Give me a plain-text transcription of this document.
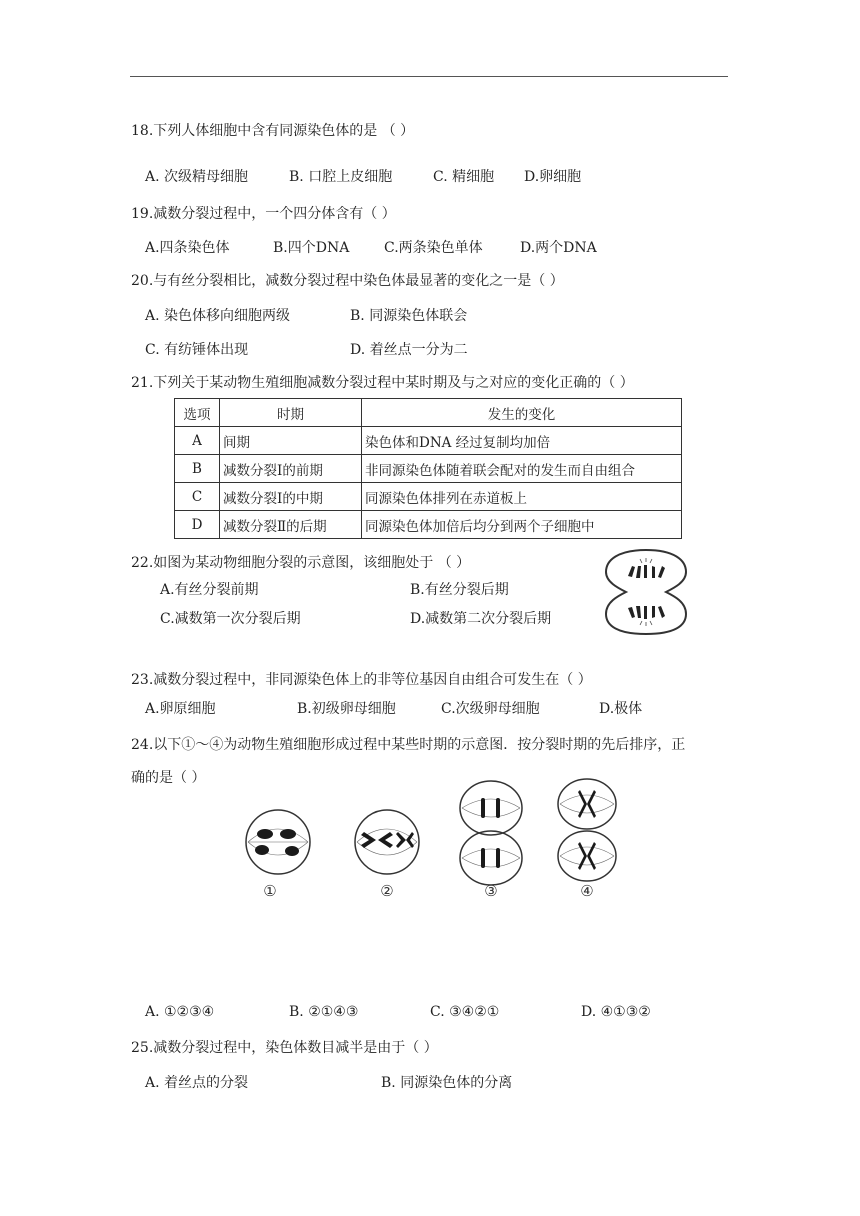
18.下列人体细胞中含有同源染色体的是 （ ）
A. 次级精母细胞	B. 口腔上皮细胞	C. 精细胞 D.卵细胞
19.减数分裂过程中，一个四分体含有（ ）
A.四条染色体	B.四个DNA C.两条染色单体	D.两个DNA
20.与有丝分裂相比，减数分裂过程中染色体最显著的变化之一是（ ）
A. 染色体移向细胞两级	B. 同源染色体联会
C. 有纺锤体出现	D. 着丝点一分为二
21.下列关于某动物生殖细胞减数分裂过程中某时期及与之对应的变化正确的（ ）
选项	时期	发生的变化
A	间期	染色体和DNA 经过复制均加倍
B	减数分裂Ⅰ的前期	非同源染色体随着联会配对的发生而自由组合
C	减数分裂Ⅰ的中期	同源染色体排列在赤道板上
D	减数分裂Ⅱ的后期	同源染色体加倍后均分到两个子细胞中
22.如图为某动物细胞分裂的示意图，该细胞处于 （ ）
A.有丝分裂前期	B.有丝分裂后期
C.减数第一次分裂后期	D.减数第二次分裂后期
23.减数分裂过程中，非同源染色体上的非等位基因自由组合可发生在（ ）
A.卵原细胞	B.初级卵母细胞	C.次级卵母细胞	D.极体
24.以下①～④为动物生殖细胞形成过程中某些时期的示意图．按分裂时期的先后排序，正
确的是（ ）
①	②	③	④
A. ①②③④	B. ②①④③	C. ③④②①	D. ④①③②
25.减数分裂过程中，染色体数目减半是由于（ ）
A. 着丝点的分裂	B. 同源染色体的分离
